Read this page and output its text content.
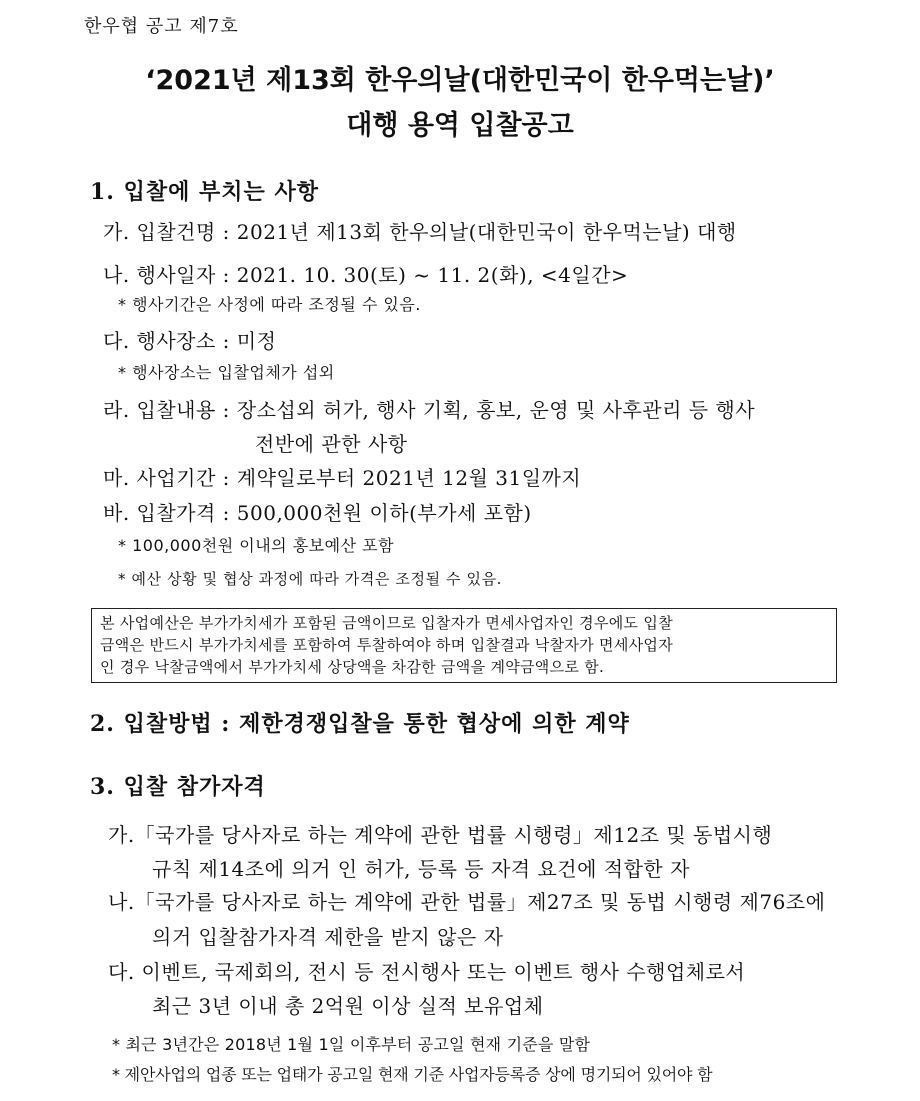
한우협 공고 제7호
‘2021년 제13회 한우의날(대한민국이 한우먹는날)’
대행 용역 입찰공고
1. 입찰에 부치는 사항
가. 입찰건명 : 2021년 제13회 한우의날(대한민국이 한우먹는날) 대행
나. 행사일자 : 2021. 10. 30(토) ~ 11. 2(화), <4일간>
* 행사기간은 사정에 따라 조정될 수 있음.
다. 행사장소 : 미정
* 행사장소는 입찰업체가 섭외
라. 입찰내용 : 장소섭외 허가, 행사 기획, 홍보, 운영 및 사후관리 등 행사
전반에 관한 사항
마. 사업기간 : 계약일로부터 2021년 12월 31일까지
바. 입찰가격 : 500,000천원 이하(부가세 포함)
* 100,000천원 이내의 홍보예산 포함
* 예산 상황 및 협상 과정에 따라 가격은 조정될 수 있음.
본 사업예산은 부가가치세가 포함된 금액이므로 입찰자가 면세사업자인 경우에도 입찰
금액은 반드시 부가가치세를 포함하여 투찰하여야 하며 입찰결과 낙찰자가 면세사업자
인 경우 낙찰금액에서 부가가치세 상당액을 차감한 금액을 계약금액으로 함.
2. 입찰방법 : 제한경쟁입찰을 통한 협상에 의한 계약
3. 입찰 참가자격
가.「국가를 당사자로 하는 계약에 관한 법률 시행령」제12조 및 동법시행
규칙 제14조에 의거 인 허가, 등록 등 자격 요건에 적합한 자
나.「국가를 당사자로 하는 계약에 관한 법률」제27조 및 동법 시행령 제76조에
의거 입찰참가자격 제한을 받지 않은 자
다. 이벤트, 국제회의, 전시 등 전시행사 또는 이벤트 행사 수행업체로서
최근 3년 이내 총 2억원 이상 실적 보유업체
* 최근 3년간은 2018년 1월 1일 이후부터 공고일 현재 기준을 말함
* 제안사업의 업종 또는 업태가 공고일 현재 기준 사업자등록증 상에 명기되어 있어야 함
